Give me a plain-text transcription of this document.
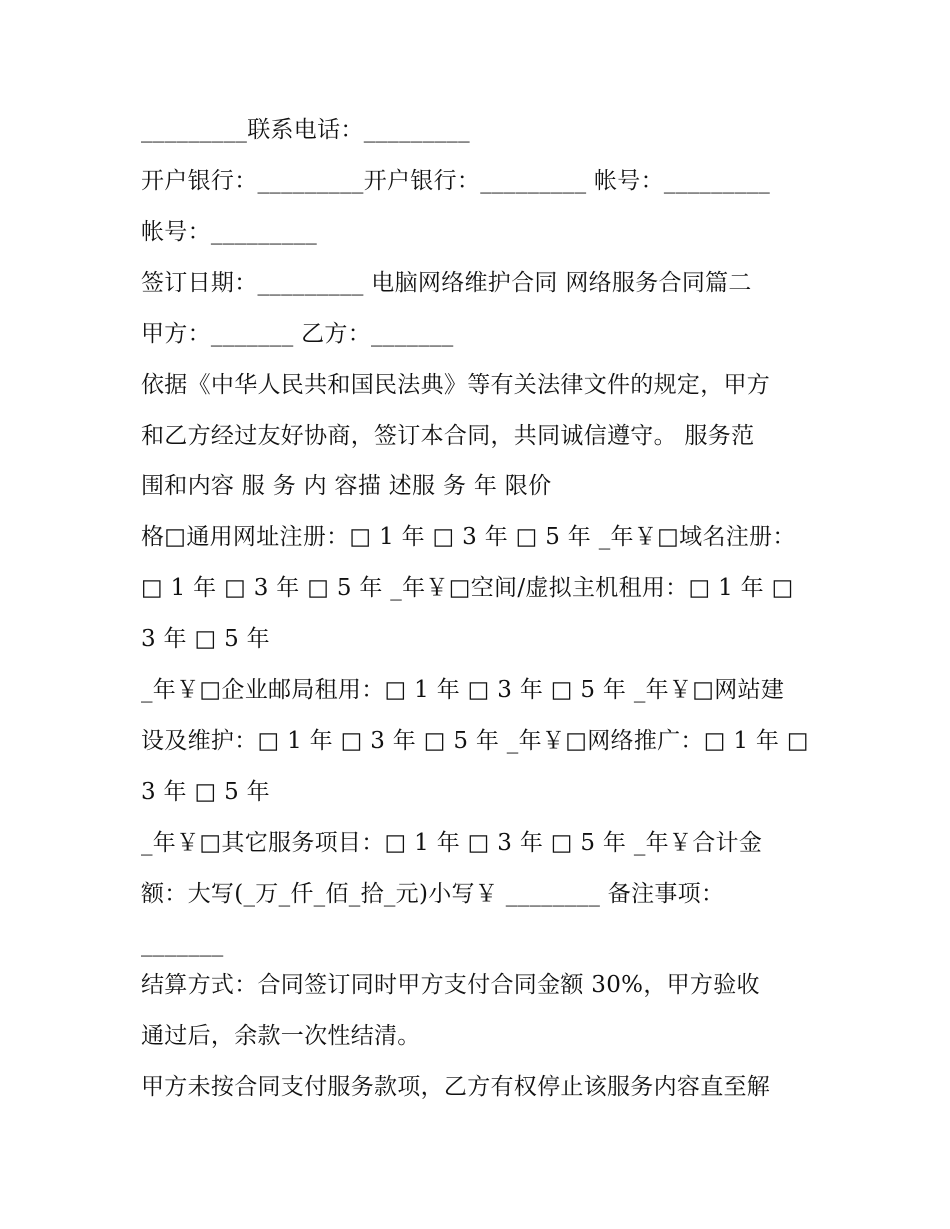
_________联系电话：_________
开户银行：_________开户银行：_________ 帐号：_________
帐号：_________
签订日期：_________ 电脑网络维护合同 网络服务合同篇二
甲方：_______ 乙方：_______
依据《中华人民共和国民法典》等有关法律文件的规定，甲方
和乙方经过友好协商，签订本合同，共同诚信遵守。 服务范
围和内容 服 务 内 容描 述服 务 年 限价
格□通用网址注册：□ 1 年 □ 3 年 □ 5 年 _年￥□域名注册：
□ 1 年 □ 3 年 □ 5 年 _年￥□空间/虚拟主机租用：□ 1 年 □
3 年 □ 5 年
_年￥□企业邮局租用：□ 1 年 □ 3 年 □ 5 年 _年￥□网站建
设及维护：□ 1 年 □ 3 年 □ 5 年 _年￥□网络推广：□ 1 年 □
3 年 □ 5 年
_年￥□其它服务项目：□ 1 年 □ 3 年 □ 5 年 _年￥合计金
额：大写(_万_仟_佰_拾_元)小写￥ ________ 备注事项：
_______
结算方式：合同签订同时甲方支付合同金额 30%，甲方验收
通过后，余款一次性结清。
甲方未按合同支付服务款项，乙方有权停止该服务内容直至解
